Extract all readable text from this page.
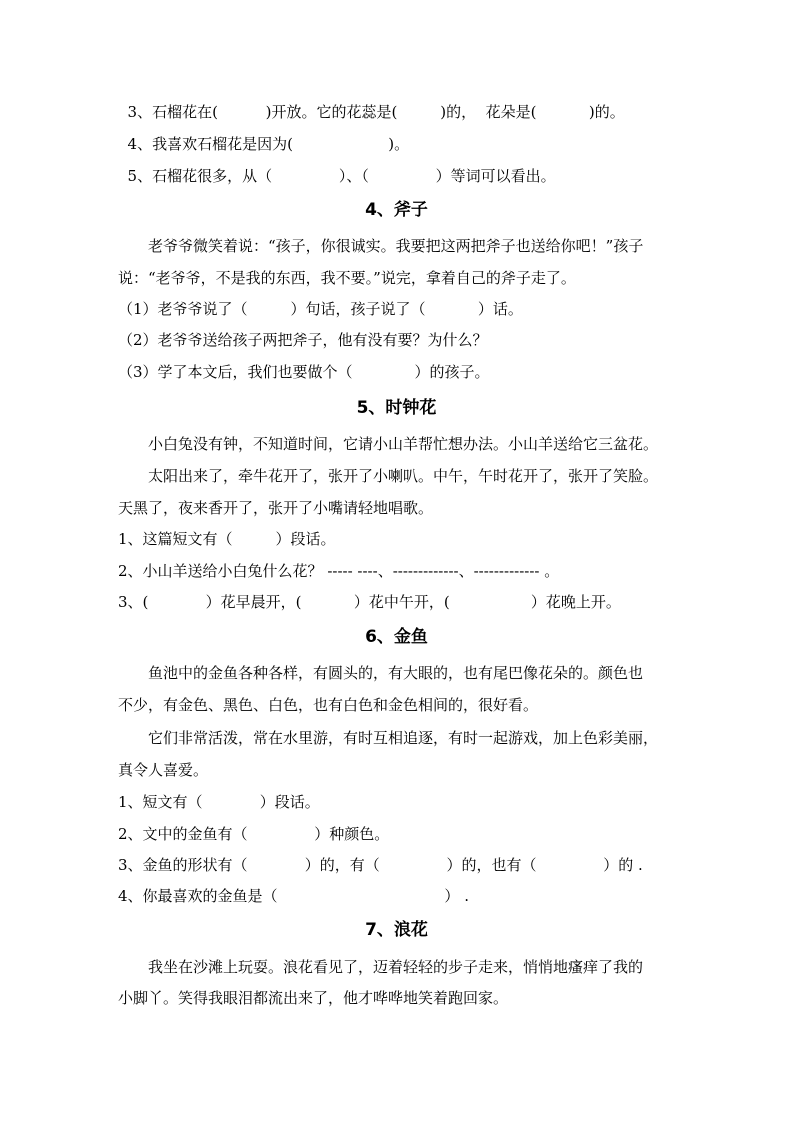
3、石榴花在(          )开放。它的花蕊是(         )的，  花朵是(           )的。
4、我喜欢石榴花是因为(                    )。
5、石榴花很多，从（              ）、（              ）等词可以看出。
4、斧子
老爷爷微笑着说：“孩子，你很诚实。我要把这两把斧子也送给你吧！”孩子
说：“老爷爷，不是我的东西，我不要。”说完，拿着自己的斧子走了。
（1）老爷爷说了（         ）句话，孩子说了（           ）话。
（2）老爷爷送给孩子两把斧子，他有没有要？为什么？
（3）学了本文后，我们也要做个（             ）的孩子。
5、时钟花
小白兔没有钟，不知道时间，它请小山羊帮忙想办法。小山羊送给它三盆花。
太阳出来了，牵牛花开了，张开了小喇叭。中午，午时花开了，张开了笑脸。
天黑了，夜来香开了，张开了小嘴请轻地唱歌。
1、这篇短文有（         ）段话。
2、小山羊送给小白兔什么花？ ----- ----、-------------、------------- 。
3、(            ）花早晨开，(           ）花中午开，(                 ）花晚上开。
6、金鱼
鱼池中的金鱼各种各样，有圆头的，有大眼的，也有尾巴像花朵的。颜色也
不少，有金色、黑色、白色，也有白色和金色相间的，很好看。
它们非常活泼，常在水里游，有时互相追逐，有时一起游戏，加上色彩美丽，
真令人喜爱。
1、短文有（            ）段话。
2、文中的金鱼有（              ）种颜色。
3、金鱼的形状有（            ）的，有（              ）的，也有（              ）的 .
4、你最喜欢的金鱼是（                                   ） .
7、浪花
我坐在沙滩上玩耍。浪花看见了，迈着轻轻的步子走来，悄悄地瘙痒了我的
小脚丫。笑得我眼泪都流出来了，他才哗哗地笑着跑回家。
